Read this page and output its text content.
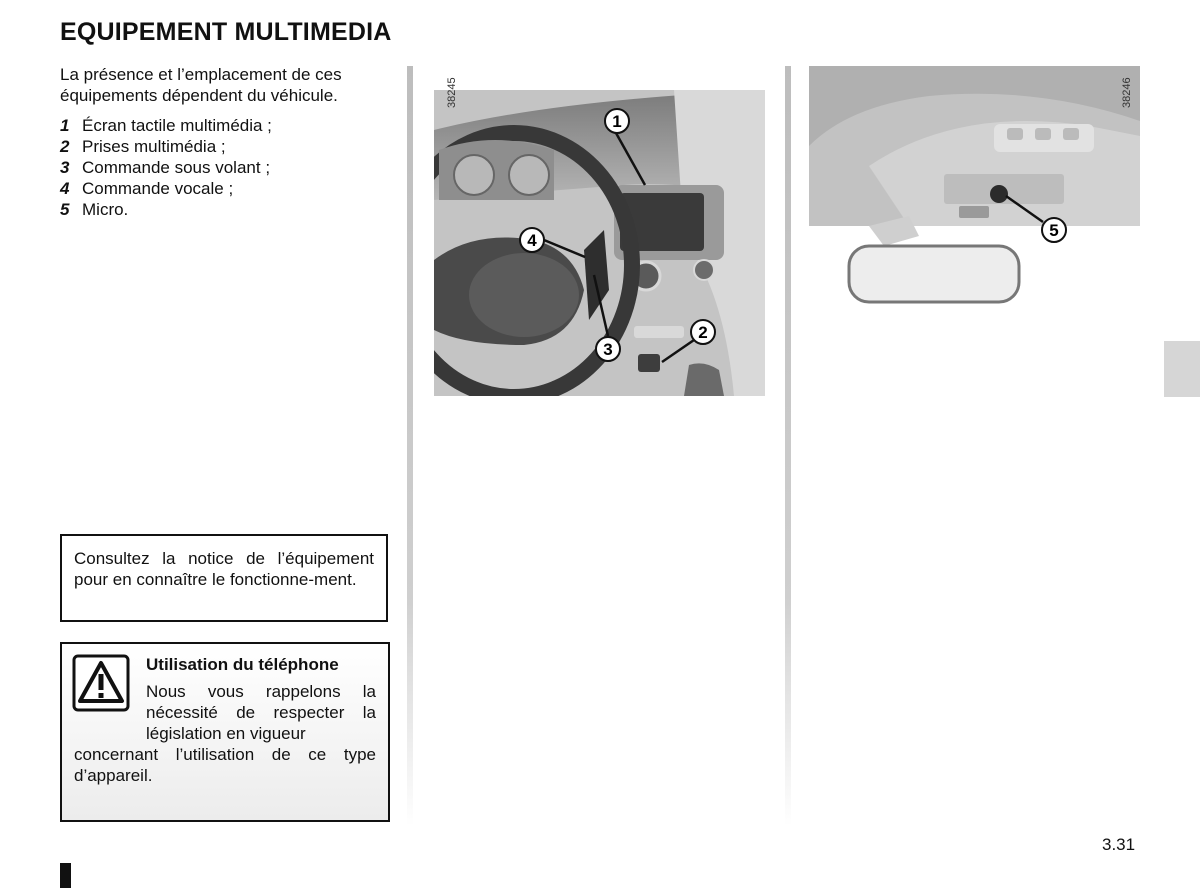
EQUIPEMENT MULTIMEDIA
La présence et l’emplacement de ces équipements dépendent du véhicule.
1 Écran tactile multimédia ;
2 Prises multimédia ;
3 Commande sous volant ;
4 Commande vocale ;
5 Micro.
Consultez la notice de l’équipement pour en connaître le fonctionne-ment.
Utilisation du téléphone
Nous vous rappelons la nécessité de respecter la législation en vigueur
concernant l’utilisation de ce type d’appareil.
38245	38246
1
4
3
2
5
3.31
